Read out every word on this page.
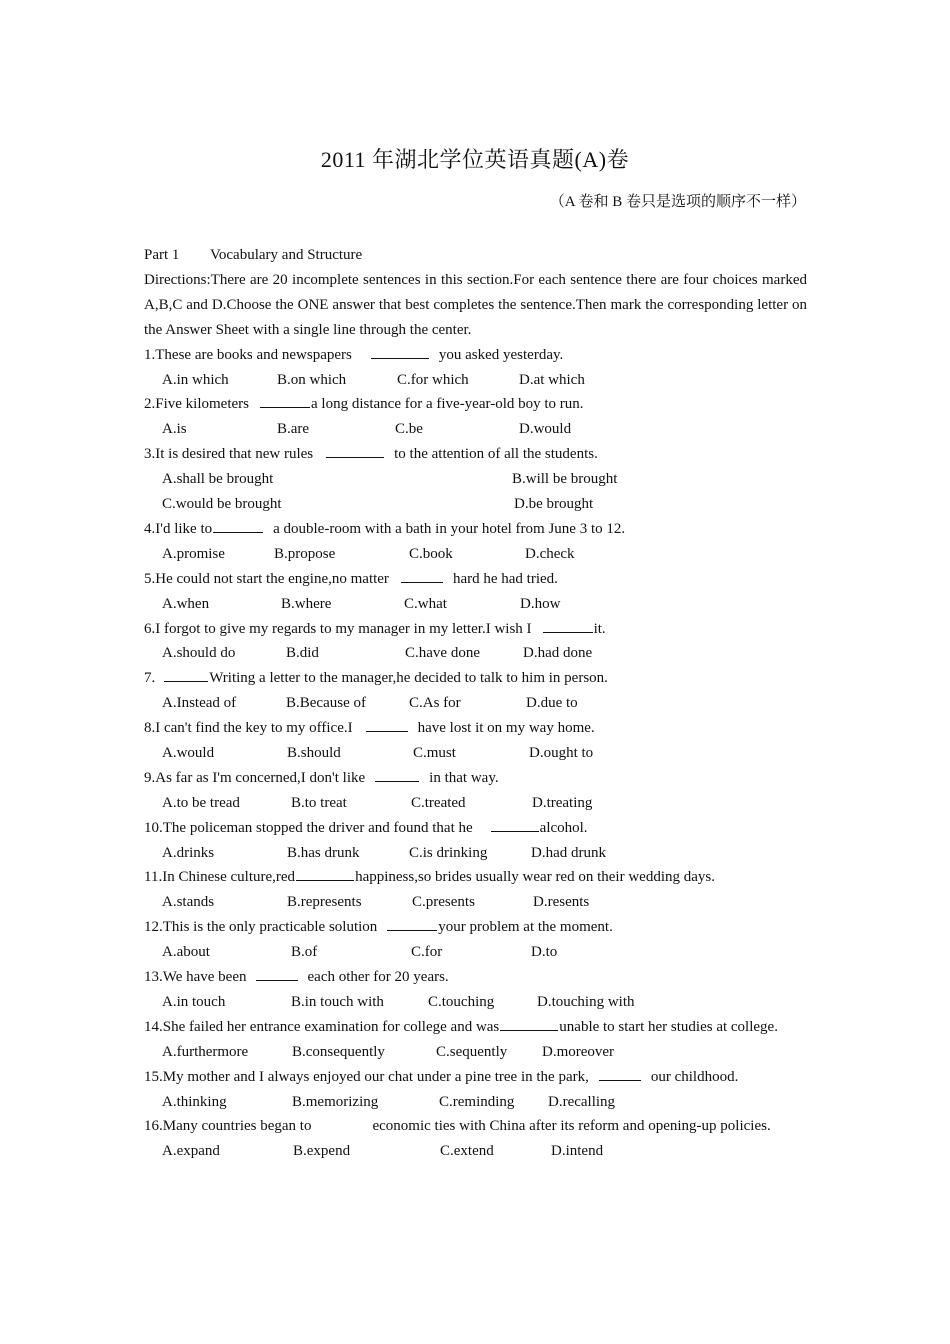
2011 年湖北学位英语真题(A)卷
（A 卷和 B 卷只是选项的顺序不一样）

Part 1 Vocabulary and Structure

Directions:There are 20 incomplete sentences in this section.For each sentence there are four choices marked A,B,C and D.Choose the ONE answer that best completes the sentence.Then mark the corresponding letter on the Answer Sheet with a single line through the center.

1.These are books and newspapers	you asked yesterday.

A.in which	B.on which	C.for which	D.at which

2.Five kilometers	a long distance for a five-year-old boy to run.

A.is	B.are	C.be	D.would

3.It is desired that new rules	to the attention of all the students.

A.shall be brought	B.will be brought

C.would be brought	D.be brought

4.I'd like to	a double-room with a bath in your hotel from June 3 to 12.

A.promise	B.propose	C.book	D.check

5.He could not start the engine,no matter	hard he had tried.

A.when	B.where	C.what	D.how

6.I forgot to give my regards to my manager in my letter.I wish I	it.

A.should do	B.did	C.have done	D.had done

7.	Writing a letter to the manager,he decided to talk to him in person.

A.Instead of	B.Because of	C.As for	D.due to

8.I can't find the key to my office.I	have lost it on my way home.

A.would	B.should	C.must	D.ought to

9.As far as I'm concerned,I don't like	in that way.

A.to be tread	B.to treat	C.treated	D.treating

10.The policeman stopped the driver and found that he	alcohol.

A.drinks	B.has drunk	C.is drinking	D.had drunk

11.In Chinese culture,red	happiness,so brides usually wear red on their wedding days.

A.stands	B.represents	C.presents	D.resents

12.This is the only practicable solution	your problem at the moment.

A.about	B.of	C.for	D.to

13.We have been	each other for 20 years.

A.in touch	B.in touch with	C.touching	D.touching with

14.She failed her entrance examination for college and was	unable to start her studies at college.

A.furthermore	B.consequently	C.sequently D.moreover

15.My mother and I always enjoyed our chat under a pine tree in the park,	our childhood.

A.thinking	B.memorizing	C.reminding D.recalling

16.Many countries began to	economic ties with China after its reform and opening-up policies.

A.expand	B.expend	C.extend	D.intend
